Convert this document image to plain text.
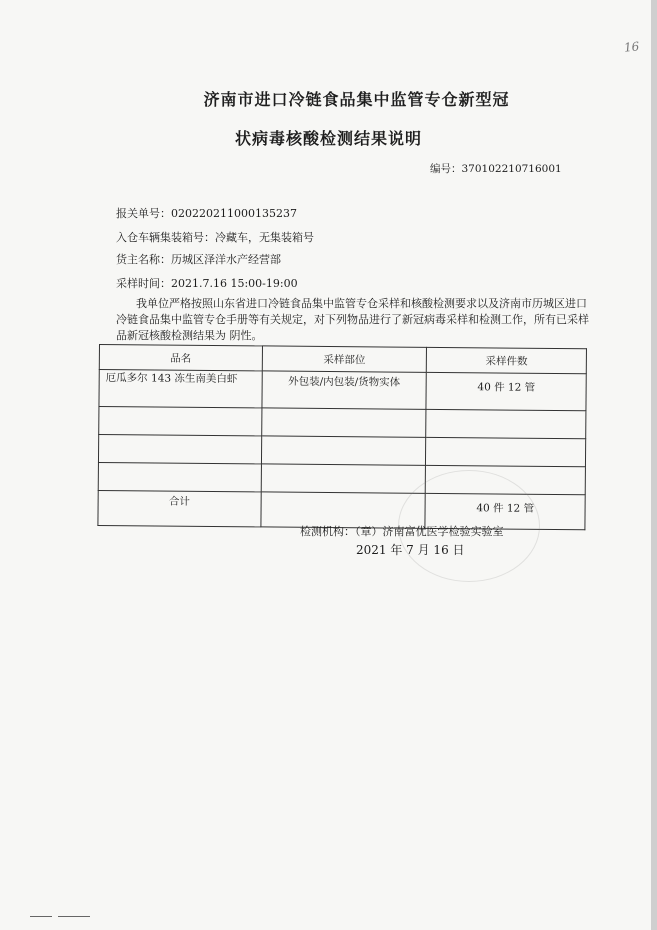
16
济南市进口冷链食品集中监管专仓新型冠
状病毒核酸检测结果说明
编号：370102210716001
报关单号：020220211000135237
入仓车辆集装箱号：冷藏车，无集装箱号
货主名称：历城区泽洋水产经营部
采样时间：2021.7.16 15:00-19:00
我单位严格按照山东省进口冷链食品集中监管专仓采样和核酸检测要求以及济南市历城区进口冷链食品集中监管专仓手册等有关规定，对下列物品进行了新冠病毒采样和检测工作，所有已采样品新冠核酸检测结果为 阴性。
品名	采样部位	采样件数
厄瓜多尔 143 冻生南美白虾	外包装/内包装/货物实体	40 件 12 管

合计		40 件 12 管
检测机构：（章）济南富优医学检验实验室
2021 年 7 月 16 日
